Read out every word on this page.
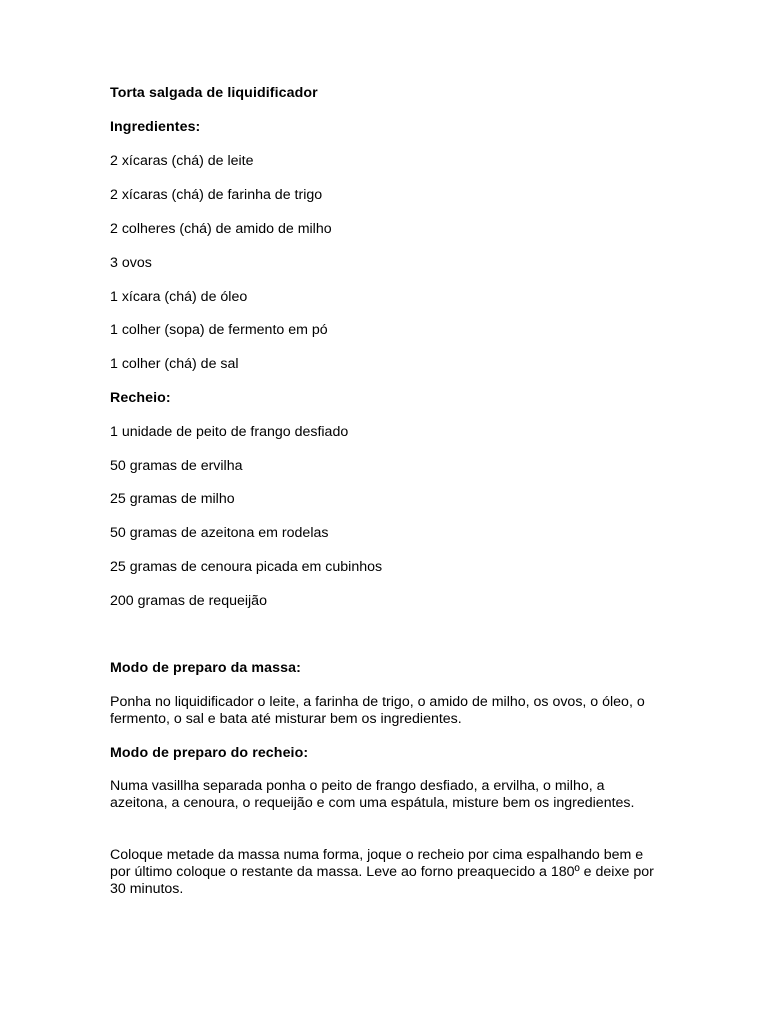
Torta salgada de liquidificador

Ingredientes:

2 xícaras (chá) de leite

2 xícaras (chá) de farinha de trigo

2 colheres (chá) de amido de milho

3 ovos

1 xícara (chá) de óleo

1 colher (sopa) de fermento em pó

1 colher (chá) de sal

Recheio:

1 unidade de peito de frango desfiado

50 gramas de ervilha

25 gramas de milho

50 gramas de azeitona em rodelas

25 gramas de cenoura picada em cubinhos

200 gramas de requeijão

Modo de preparo da massa:

Ponha no liquidificador o leite, a farinha de trigo, o amido de milho, os ovos, o óleo, o fermento, o sal e bata até misturar bem os ingredientes.

Modo de preparo do recheio:

Numa vasillha separada ponha o peito de frango desfiado, a ervilha, o milho, a azeitona, a cenoura, o requeijão e com uma espátula, misture bem os ingredientes.

Coloque metade da massa numa forma, joque o recheio por cima espalhando bem e por último coloque o restante da massa. Leve ao forno preaquecido a 180º e deixe por 30 minutos.
